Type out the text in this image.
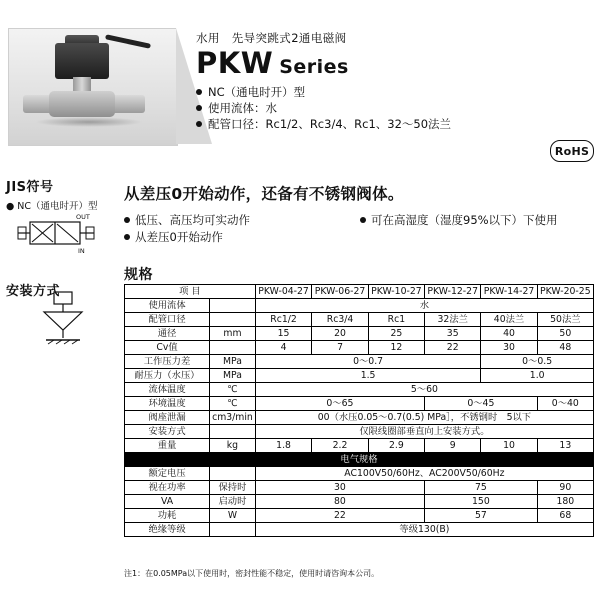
水用　先导突跳式2通电磁阀
PKW Series
NC（通电时开）型
使用流体：水
配管口径：Rc1/2、Rc3/4、Rc1、32～50法兰
RoHS
JIS符号
● NC（通电时开）型
安装方式
OUT
IN
从差压0开始动作，还备有不锈钢阀体。
低压、高压均可实动作	可在高湿度（湿度95%以下）下使用
从差压0开始动作
规格
项 目		PKW-04-27	PKW-06-27	PKW-10-27	PKW-12-27	PKW-14-27	PKW-20-25
使用流体		水					
配管口径		Rc1/2	Rc3/4	Rc1	32法兰	40法兰	50法兰
通径	mm	15	20	25	35	40	50
Cv值		4	7	12	22	30	48
工作压力差	MPa	0～0.7				0～0.5	
耐压力（水压）	MPa	1.5				1.0	
流体温度	℃	5～60					
环境温度	℃	0～65			0～45		0～40
阀座泄漏	cm3/min	00（水压0.05～0.7(0.5) MPa］，不锈钢时　5以下					
安装方式		仅限线圈部垂直向上安装方式。					
重量	kg	1.8	2.2	2.9	9	10	13
电气规格							
额定电压		AC100V50/60Hz、AC200V50/60Hz					
视在功率	保持时	30			75		90
VA	启动时	80			150		180
功耗	W	22			57		68
绝缘等级		等级130(B)					
注1：在0.05MPa以下使用时，密封性能不稳定，使用时请咨询本公司。
